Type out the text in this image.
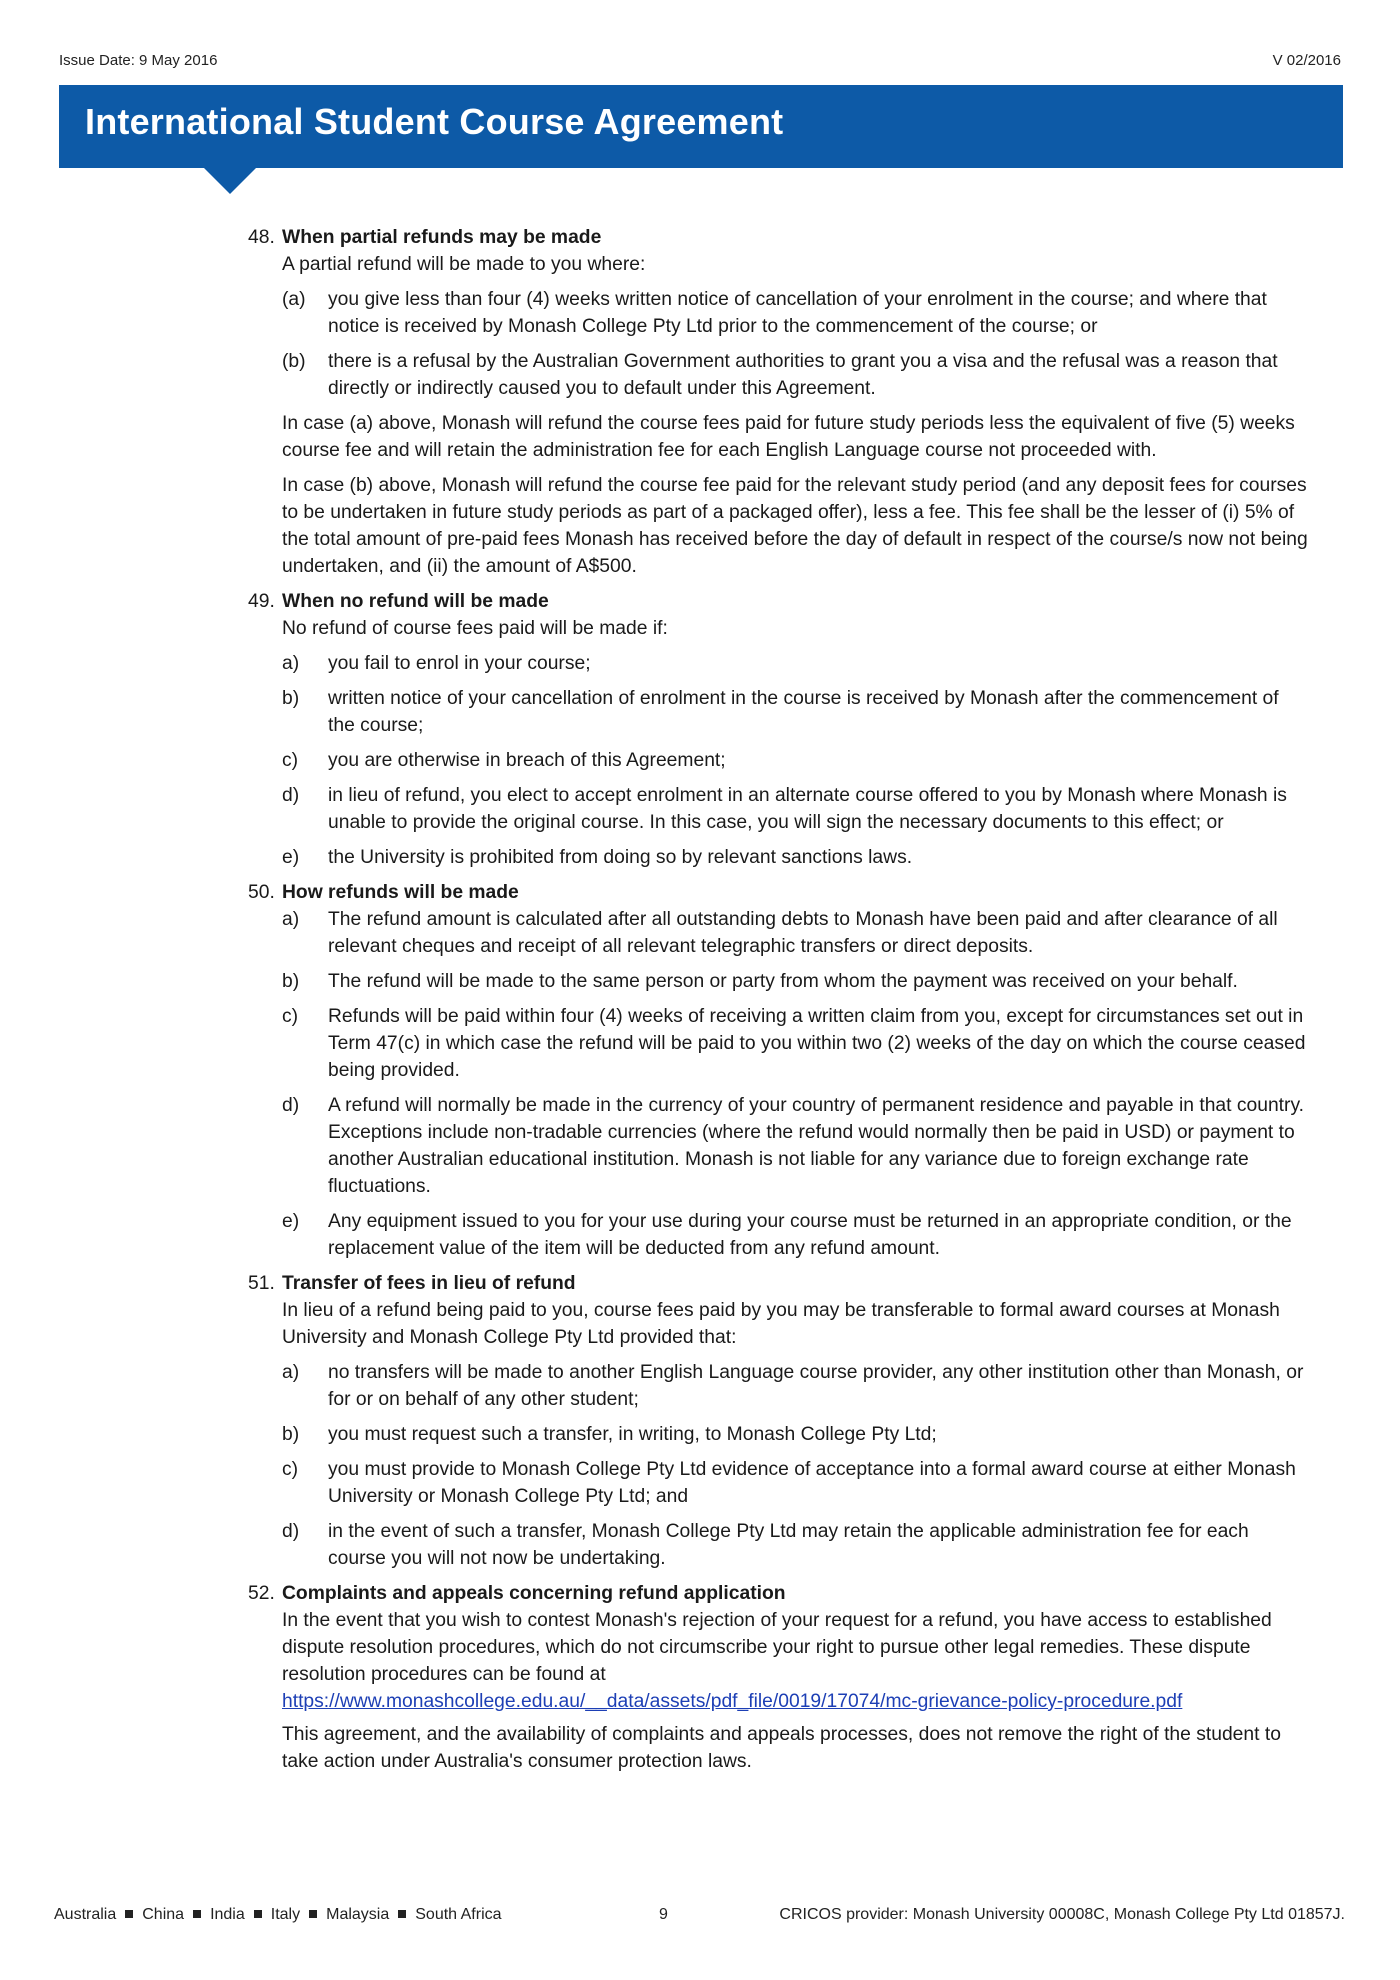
Issue Date: 9 May 2016	V 02/2016
International Student Course Agreement
48. When partial refunds may be made

A partial refund will be made to you where:

(a) you give less than four (4) weeks written notice of cancellation of your enrolment in the course; and where that notice is received by Monash College Pty Ltd prior to the commencement of the course; or
(b) there is a refusal by the Australian Government authorities to grant you a visa and the refusal was a reason that directly or indirectly caused you to default under this Agreement.

In case (a) above, Monash will refund the course fees paid for future study periods less the equivalent of five (5) weeks course fee and will retain the administration fee for each English Language course not proceeded with.

In case (b) above, Monash will refund the course fee paid for the relevant study period (and any deposit fees for courses to be undertaken in future study periods as part of a packaged offer), less a fee. This fee shall be the lesser of (i) 5% of the total amount of pre-paid fees Monash has received before the day of default in respect of the course/s now not being undertaken, and (ii) the amount of A$500.

49. When no refund will be made

No refund of course fees paid will be made if:

a) you fail to enrol in your course;
b) written notice of your cancellation of enrolment in the course is received by Monash after the commencement of the course;
c) you are otherwise in breach of this Agreement;
d) in lieu of refund, you elect to accept enrolment in an alternate course offered to you by Monash where Monash is unable to provide the original course. In this case, you will sign the necessary documents to this effect; or
e) the University is prohibited from doing so by relevant sanctions laws.
50. How refunds will be made
a) The refund amount is calculated after all outstanding debts to Monash have been paid and after clearance of all relevant cheques and receipt of all relevant telegraphic transfers or direct deposits.
b) The refund will be made to the same person or party from whom the payment was received on your behalf.
c) Refunds will be paid within four (4) weeks of receiving a written claim from you, except for circumstances set out in Term 47(c) in which case the refund will be paid to you within two (2) weeks of the day on which the course ceased being provided.
d) A refund will normally be made in the currency of your country of permanent residence and payable in that country. Exceptions include non-tradable currencies (where the refund would normally then be paid in USD) or payment to another Australian educational institution. Monash is not liable for any variance due to foreign exchange rate fluctuations.
e) Any equipment issued to you for your use during your course must be returned in an appropriate condition, or the replacement value of the item will be deducted from any refund amount.
51. Transfer of fees in lieu of refund

In lieu of a refund being paid to you, course fees paid by you may be transferable to formal award courses at Monash University and Monash College Pty Ltd provided that:

a) no transfers will be made to another English Language course provider, any other institution other than Monash, or for or on behalf of any other student;
b) you must request such a transfer, in writing, to Monash College Pty Ltd;
c) you must provide to Monash College Pty Ltd evidence of acceptance into a formal award course at either Monash University or Monash College Pty Ltd; and
d) in the event of such a transfer, Monash College Pty Ltd may retain the applicable administration fee for each course you will not now be undertaking.
52. Complaints and appeals concerning refund application

In the event that you wish to contest Monash's rejection of your request for a refund, you have access to established dispute resolution procedures, which do not circumscribe your right to pursue other legal remedies. These dispute resolution procedures can be found at

https://www.monashcollege.edu.au/__data/assets/pdf_file/0019/17074/mc-grievance-policy-procedure.pdf

This agreement, and the availability of complaints and appeals processes, does not remove the right of the student to take action under Australia's consumer protection laws.

Australia China India Italy Malaysia South Africa	9	CRICOS provider: Monash University 00008C, Monash College Pty Ltd 01857J.
